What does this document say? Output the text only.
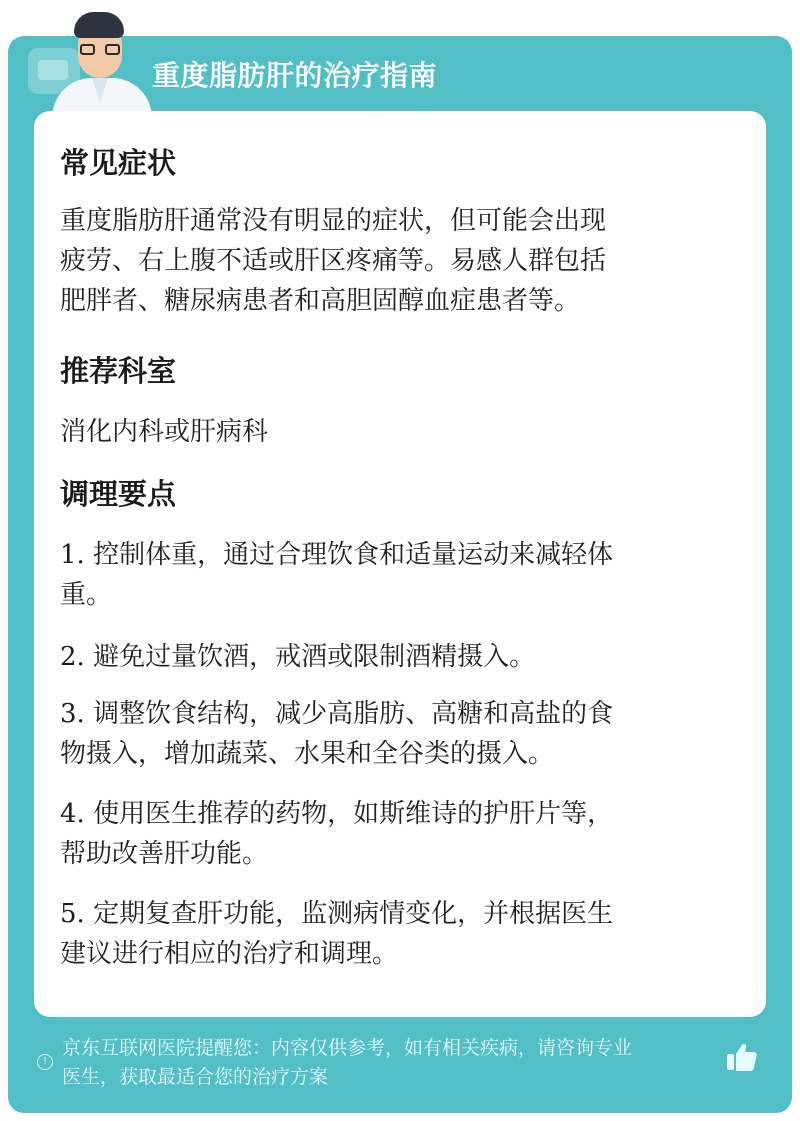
重度脂肪肝的治疗指南
常见症状
重度脂肪肝通常没有明显的症状，但可能会出现
疲劳、右上腹不适或肝区疼痛等。易感人群包括
肥胖者、糖尿病患者和高胆固醇血症患者等。
推荐科室
消化内科或肝病科
调理要点
1. 控制体重，通过合理饮食和适量运动来减轻体
重。
2. 避免过量饮酒，戒酒或限制酒精摄入。
3. 调整饮食结构，减少高脂肪、高糖和高盐的食
物摄入，增加蔬菜、水果和全谷类的摄入。
4. 使用医生推荐的药物，如斯维诗的护肝片等，
帮助改善肝功能。
5. 定期复查肝功能，监测病情变化，并根据医生
建议进行相应的治疗和调理。
!
京东互联网医院提醒您：内容仅供参考，如有相关疾病，请咨询专业
医生，获取最适合您的治疗方案
